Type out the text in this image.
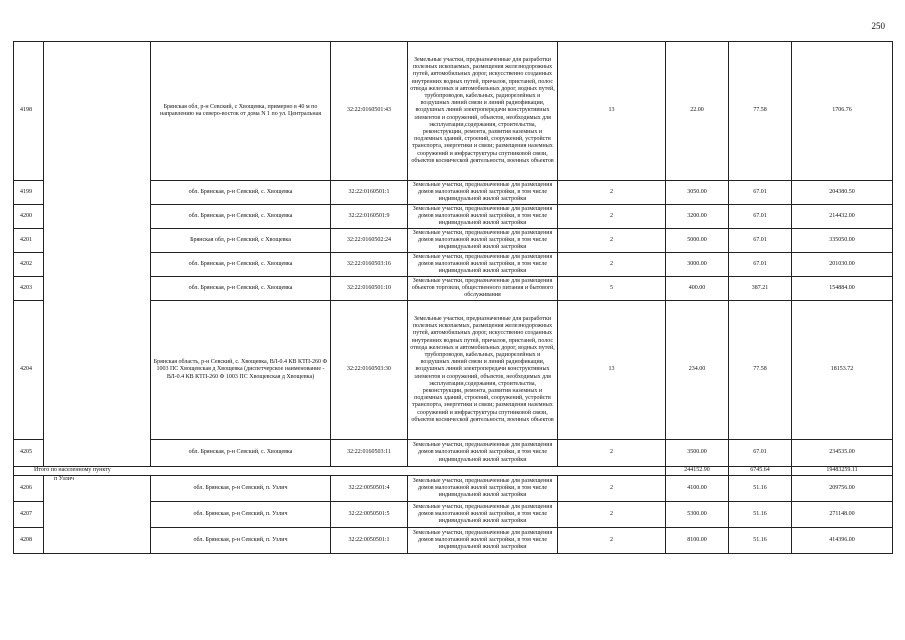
250
4198		Брянская обл, р-н Севский, с Хвощевка, примерно в 40 м по направлению на северо-восток от дома N 1 по ул. Центральная	32:22:0160501:43	Земельные участки, предназначенные для разработки полезных ископаемых, размещения железнодорожных путей, автомобильных дорог, искусственно созданных внутренних водных путей, причалов, пристаней, полос отвода железных и автомобильных дорог, водных путей, трубопроводов, кабельных, радиорелейных и воздушных линий связи и линий радиофикации, воздушных линий электропередачи конструктивных элементов и сооружений, объектов, необходимых для эксплуатации,содержания, строительства, реконструкции, ремонта, развития наземных и подземных зданий, строений, сооружений, устройств транспорта, энергетики и связи; размещения наземных сооружений и инфраструктуры спутниковой связи, объектов космической деятельности, военных объектов	13	22.00	77.58	1706.76
4199		обл. Брянская, р-н Севский, с. Хвощевка	32:22:0160501:1	Земельные участки, предназначенные для размещения домов малоэтажной жилой застройки, в том числе индивидуальной жилой застройки	2	3050.00	67.01	204380.50
4200		обл. Брянская, р-н Севский, с. Хвощевка	32:22:0160501:9	Земельные участки, предназначенные для размещения домов малоэтажной жилой застройки, в том числе индивидуальной жилой застройки	2	3200.00	67.01	214432.00
4201		Брянская обл, р-н Севский, с Хвощевка	32:22:0160502:24	Земельные участки, предназначенные для размещения домов малоэтажной жилой застройки, в том числе индивидуальной жилой застройки	2	5000.00	67.01	335050.00
4202		обл. Брянская, р-н Севский, с. Хвощевка	32:22:0160503:16	Земельные участки, предназначенные для размещения домов малоэтажной жилой застройки, в том числе индивидуальной жилой застройки	2	3000.00	67.01	201030.00
4203		обл. Брянская, р-н Севский, с. Хвощевка	32:22:0160501:10	Земельные участки, предназначенные для размещения объектов торговли, общественного питания и бытового обслуживания	5	400.00	387.21	154884.00
4204		Брянская область, р-н Севский, с. Хвощевка, ВЛ-0.4 КВ КТП-260 Ф 1003 ПС Хвощевская д Хвощевка (диспетчерское наименование - ВЛ-0.4 КВ КТП-260 Ф 1003 ПС Хвощевская д Хвощевка)	32:22:0160503:30	Земельные участки, предназначенные для разработки полезных ископаемых, размещения железнодорожных путей, автомобильных дорог, искусственно созданных внутренних водных путей, причалов, пристаней, полос отвода железных и автомобильных дорог, водных путей, трубопроводов, кабельных, радиорелейных и воздушных линий связи и линий радиофикации, воздушных линий электропередачи конструктивных элементов и сооружений, объектов, необходимых для эксплуатации,содержания, строительства, реконструкции, ремонта, развития наземных и подземных зданий, строений, сооружений, устройств транспорта, энергетики и связи; размещения наземных сооружений и инфраструктуры спутниковой связи, объектов космической деятельности, военных объектов	13	234.00	77.58	18153.72
4205		обл. Брянская, р-н Севский, с. Хвощевка	32:22:0160503:11	Земельные участки, предназначенные для размещения домов малоэтажной жилой застройки, в том числе индивидуальной жилой застройки	2	3500.00	67.01	234535.00
Итого по населенному пункту						244152.90	6745.64	19483259.11
4206	п Узлич	обл. Брянская, р-н Севский, п. Узлич	32:22:0050501:4	Земельные участки, предназначенные для размещения домов малоэтажной жилой застройки, в том числе индивидуальной жилой застройки	2	4100.00	51.16	209756.00
4207		обл. Брянская, р-н Севский, п. Узлич	32:22:0050501:5	Земельные участки, предназначенные для размещения домов малоэтажной жилой застройки, в том числе индивидуальной жилой застройки	2	5300.00	51.16	271148.00
4208		обл. Брянская, р-н Севский, п. Узлич	32:22:0050501:1	Земельные участки, предназначенные для размещения домов малоэтажной жилой застройки, в том числе индивидуальной жилой застройки	2	8100.00	51.16	414396.00
